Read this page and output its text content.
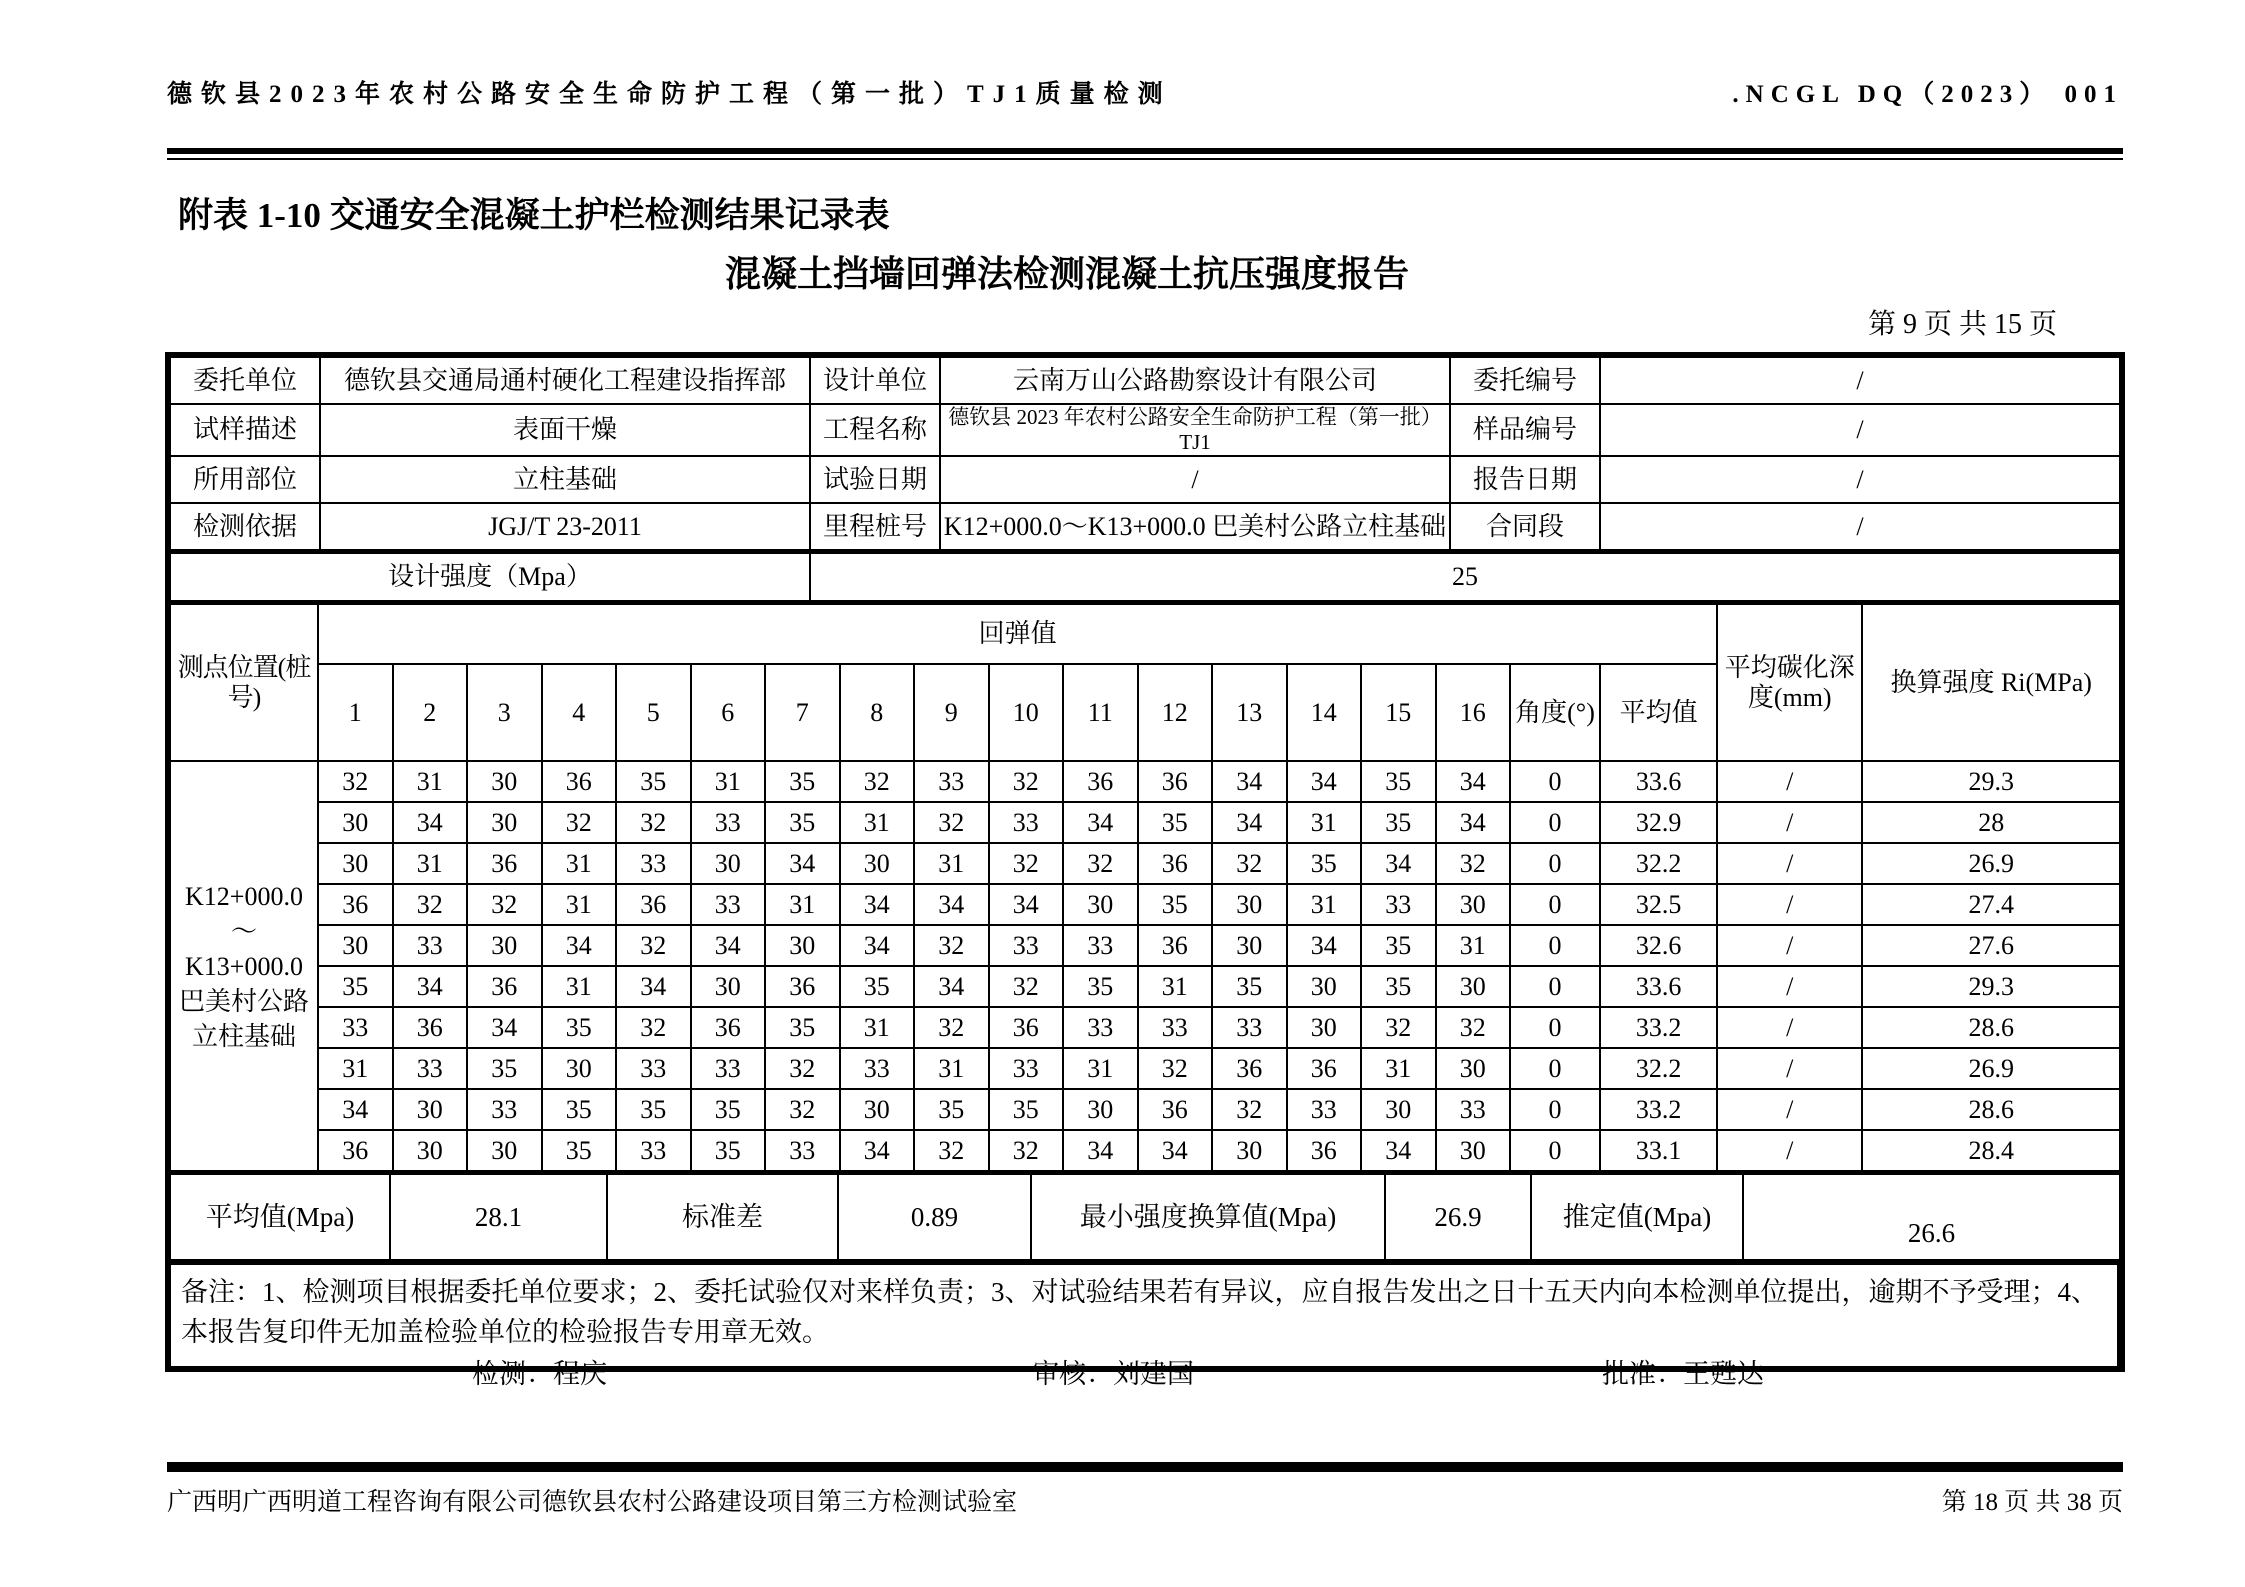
德钦县2023年农村公路安全生命防护工程（第一批）TJ1质量检测	.NCGL DQ（2023） 001
附表 1-10 交通安全混凝土护栏检测结果记录表
混凝土挡墙回弹法检测混凝土抗压强度报告
第 9 页 共 15 页
委托单位	德钦县交通局通村硬化工程建设指挥部	设计单位	云南万山公路勘察设计有限公司	委托编号	/
试样描述	表面干燥	工程名称	德钦县 2023 年农村公路安全生命防护工程（第一批）TJ1	样品编号	/
所用部位	立柱基础	试验日期	/	报告日期	/
检测依据	JGJ/T 23-2011	里程桩号	K12+000.0～K13+000.0 巴美村公路立柱基础	合同段	/
设计强度（Mpa）	25
测点位置(桩号)	回弹值																		平均碳化深度(mm)	换算强度 Ri(MPa)
	1	2	3	4	5	6	7	8	9	10	11	12	13	14	15	16	角度(°)	平均值		
K12+000.0～K13+000.0 巴美村公路立柱基础	32	31	30	36	35	31	35	32	33	32	36	36	34	34	35	34	0	33.6	/	29.3
	30	34	30	32	32	33	35	31	32	33	34	35	34	31	35	34	0	32.9	/	28
	30	31	36	31	33	30	34	30	31	32	32	36	32	35	34	32	0	32.2	/	26.9
	36	32	32	31	36	33	31	34	34	34	30	35	30	31	33	30	0	32.5	/	27.4
	30	33	30	34	32	34	30	34	32	33	33	36	30	34	35	31	0	32.6	/	27.6
	35	34	36	31	34	30	36	35	34	32	35	31	35	30	35	30	0	33.6	/	29.3
	33	36	34	35	32	36	35	31	32	36	33	33	33	30	32	32	0	33.2	/	28.6
	31	33	35	30	33	33	32	33	31	33	31	32	36	36	31	30	0	32.2	/	26.9
	34	30	33	35	35	35	32	30	35	35	30	36	32	33	30	33	0	33.2	/	28.6
	36	30	30	35	33	35	33	34	32	32	34	34	30	36	34	30	0	33.1	/	28.4
平均值(Mpa)	28.1	标准差	0.89	最小强度换算值(Mpa)	26.9	推定值(Mpa)	26.6
备注：1、检测项目根据委托单位要求；2、委托试验仅对来样负责；3、对试验结果若有异议，应自报告发出之日十五天内向本检测单位提出，逾期不予受理；4、本报告复印件无加盖检验单位的检验报告专用章无效。
检测：程庆	审核：刘建国	批准：王甦达
广西明广西明道工程咨询有限公司德钦县农村公路建设项目第三方检测试验室	第 18 页 共 38 页
